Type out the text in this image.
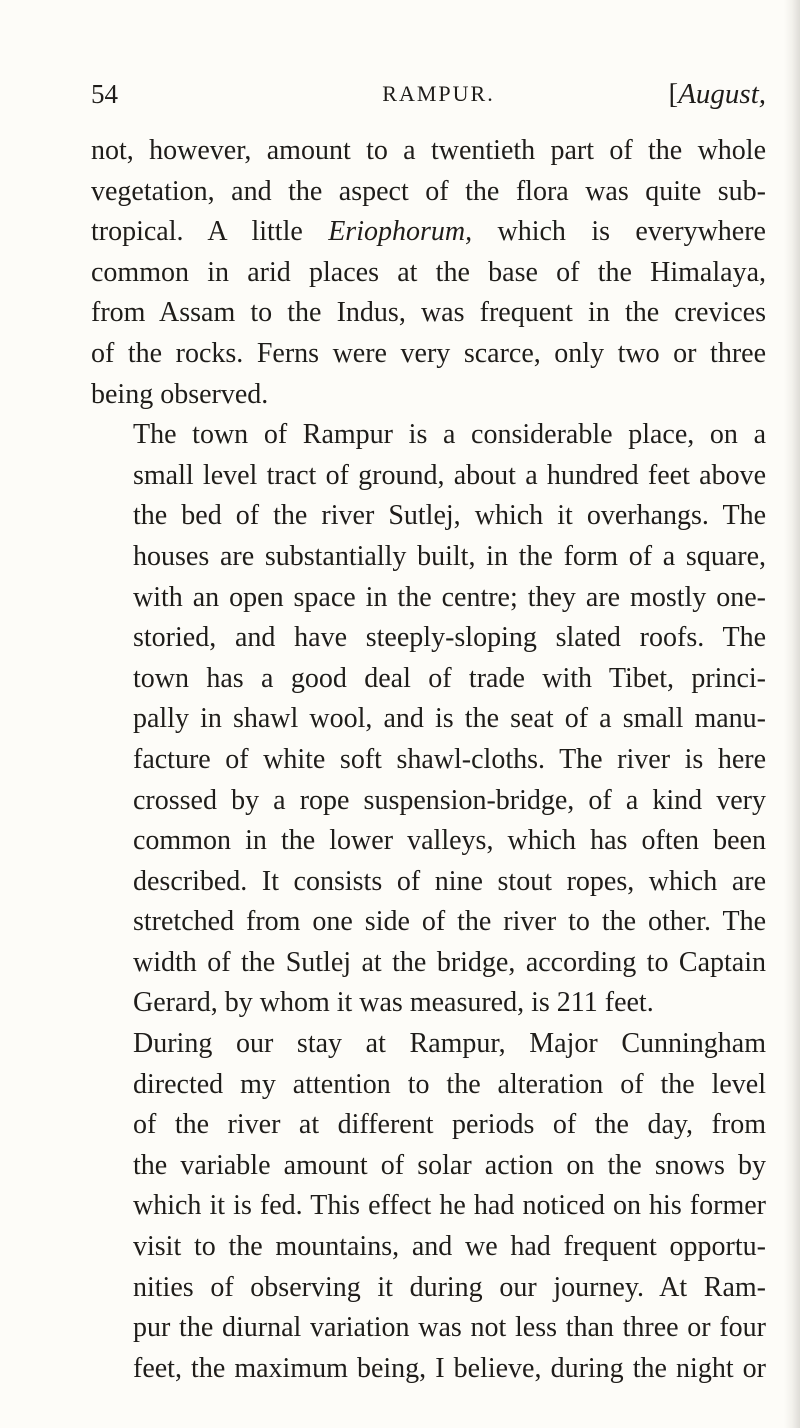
54	RAMPUR.	[August,

not, however, amount to a twentieth part of the whole
vegetation, and the aspect of the flora was quite sub-
tropical. A little Eriophorum, which is everywhere
common in arid places at the base of the Himalaya,
from Assam to the Indus, was frequent in the crevices
of the rocks. Ferns were very scarce, only two or three
being observed.

The town of Rampur is a considerable place, on a
small level tract of ground, about a hundred feet above
the bed of the river Sutlej, which it overhangs. The
houses are substantially built, in the form of a square,
with an open space in the centre; they are mostly one-
storied, and have steeply-sloping slated roofs. The
town has a good deal of trade with Tibet, princi-
pally in shawl wool, and is the seat of a small manu-
facture of white soft shawl-cloths. The river is here
crossed by a rope suspension-bridge, of a kind very
common in the lower valleys, which has often been
described. It consists of nine stout ropes, which are
stretched from one side of the river to the other. The
width of the Sutlej at the bridge, according to Captain
Gerard, by whom it was measured, is 211 feet.

During our stay at Rampur, Major Cunningham
directed my attention to the alteration of the level
of the river at different periods of the day, from
the variable amount of solar action on the snows by
which it is fed. This effect he had noticed on his former
visit to the mountains, and we had frequent opportu-
nities of observing it during our journey. At Ram-
pur the diurnal variation was not less than three or four
feet, the maximum being, I believe, during the night or
